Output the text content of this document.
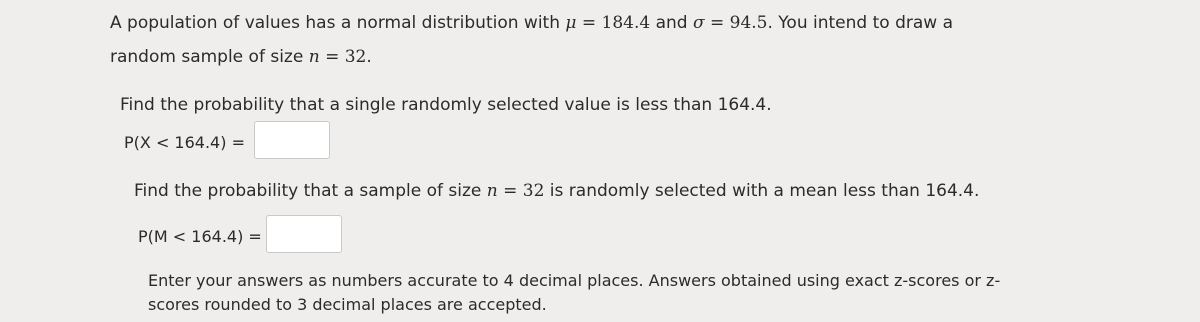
A population of values has a normal distribution with μ = 184.4 and σ = 94.5. You intend to draw a
random sample of size n = 32.
Find the probability that a single randomly selected value is less than 164.4.
P(X < 164.4) =
Find the probability that a sample of size n = 32 is randomly selected with a mean less than 164.4.
P(M < 164.4) =
Enter your answers as numbers accurate to 4 decimal places. Answers obtained using exact z-scores or z-
scores rounded to 3 decimal places are accepted.
